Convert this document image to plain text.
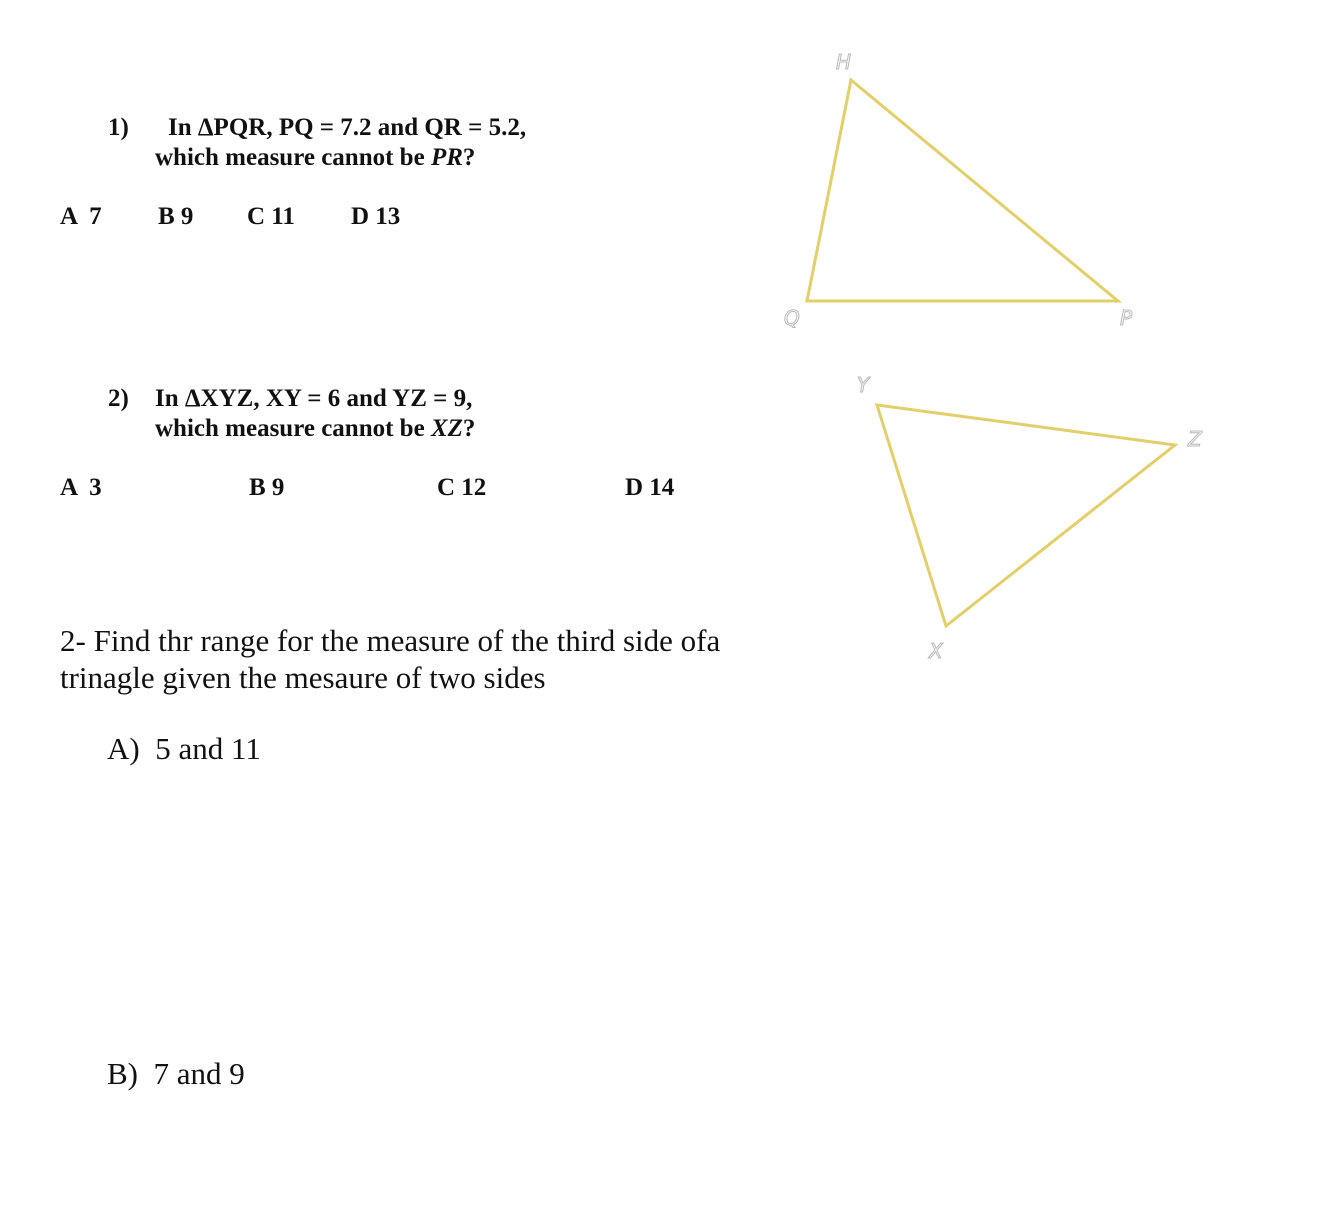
1) In ΔPQR, PQ = 7.2 and QR = 5.2,
which measure cannot be PR?
A  7 B 9 C 11 D 13
2) In ΔXYZ, XY = 6 and YZ = 9,
which measure cannot be XZ?
A  3	B 9	C 12	D 14
2- Find thr range for the measure of the third side ofa
trinagle given the mesaure of two sides
A)  5 and 11
B)  7 and 9
H
Q	P
Y
Z
X
